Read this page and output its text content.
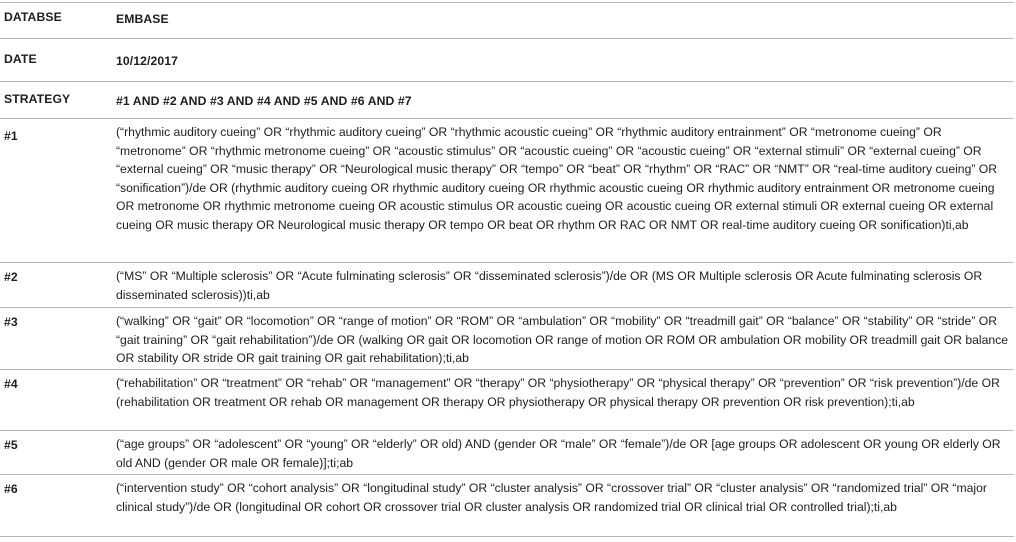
DATABSE	EMBASE
DATE	10/12/2017
STRATEGY	#1 AND #2 AND #3 AND #4 AND #5 AND #6 AND #7
#1	(“rhythmic auditory cueing” OR “rhythmic auditory cueing” OR “rhythmic acoustic cueing” OR “rhythmic auditory entrainment” OR “metronome cueing” OR “metronome” OR “rhythmic metronome cueing” OR “acoustic stimulus” OR “acoustic cueing” OR “acoustic cueing” OR “external stimuli” OR “external cueing” OR “external cueing” OR “music therapy” OR “Neurological music therapy” OR “tempo” OR “beat” OR “rhythm” OR “RAC” OR “NMT” OR “real-time auditory cueing” OR “sonification”)/de OR (rhythmic auditory cueing OR rhythmic auditory cueing OR rhythmic acoustic cueing OR rhythmic auditory entrainment OR metronome cueing OR metronome OR rhythmic metronome cueing OR acoustic stimulus OR acoustic cueing OR acoustic cueing OR external stimuli OR external cueing OR external cueing OR music therapy OR Neurological music therapy OR tempo OR beat OR rhythm OR RAC OR NMT OR real-time auditory cueing OR sonification)ti,ab
#2	(“MS” OR “Multiple sclerosis” OR “Acute fulminating sclerosis” OR “disseminated sclerosis”)/de OR (MS OR Multiple sclerosis OR Acute fulminating sclerosis OR disseminated sclerosis))ti,ab
#3	(“walking” OR “gait” OR “locomotion” OR “range of motion” OR “ROM” OR “ambulation” OR “mobility” OR “treadmill gait” OR “balance” OR “stability” OR “stride” OR “gait training” OR “gait rehabilitation”)/de OR (walking OR gait OR locomotion OR range of motion OR ROM OR ambulation OR mobility OR treadmill gait OR balance OR stability OR stride OR gait training OR gait rehabilitation);ti,ab
#4	(“rehabilitation” OR “treatment” OR “rehab” OR “management” OR “therapy” OR “physiotherapy” OR “physical therapy” OR “prevention” OR “risk prevention”)/de OR (rehabilitation OR treatment OR rehab OR management OR therapy OR physiotherapy OR physical therapy OR prevention OR risk prevention);ti,ab
#5	(“age groups” OR “adolescent” OR “young” OR “elderly” OR old) AND (gender OR “male” OR “female”)/de OR [age groups OR adolescent OR young OR elderly OR old AND (gender OR male OR female)];ti;ab
#6	(“intervention study” OR “cohort analysis” OR “longitudinal study” OR “cluster analysis” OR “crossover trial” OR “cluster analysis” OR “randomized trial” OR “major clinical study”)/de OR (longitudinal OR cohort OR crossover trial OR cluster analysis OR randomized trial OR clinical trial OR controlled trial);ti,ab
